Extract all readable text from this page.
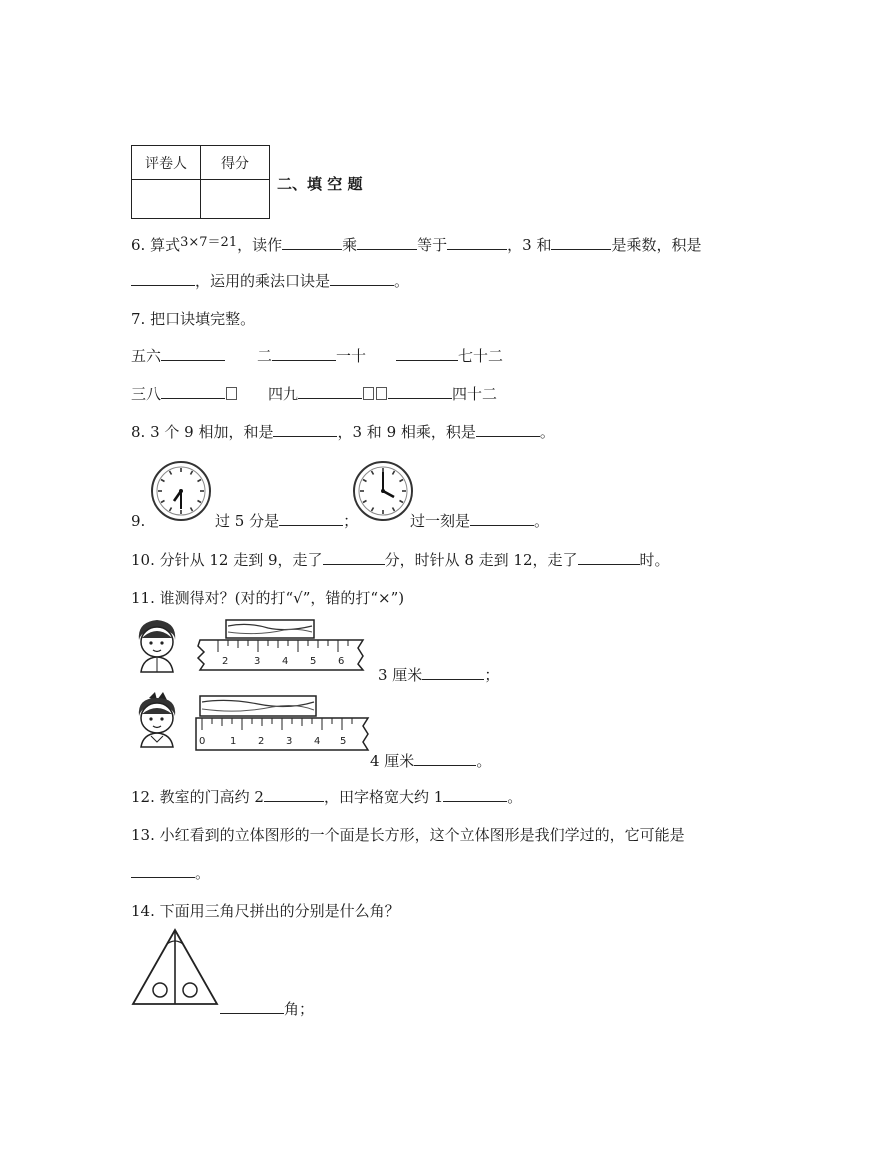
评卷人	得分

二、填 空 题
6. 算式3×7＝21，读作	乘	等于	，3 和	是乘数，积是
，运用的乘法口诀是	。
7. 把口诀填完整。
五六	二	一十	七十二
三八	四九	四十二
8. 3 个 9 相加，和是	，3 和 9 相乘，积是	。
9.	过 5 分是	；	过一刻是	。
10. 分针从 12 走到 9，走了	分，时针从 8 走到 12，走了	时。
11. 谁测得对？(对的打“√”，错的打“×”)
2	3 4 5 6
3 厘米	；
0 1 2 3 4 5
4 厘米	。
12. 教室的门高约 2	，田字格宽大约 1	。
13. 小红看到的立体图形的一个面是长方形，这个立体图形是我们学过的，它可能是
。
14. 下面用三角尺拼出的分别是什么角？
角；
